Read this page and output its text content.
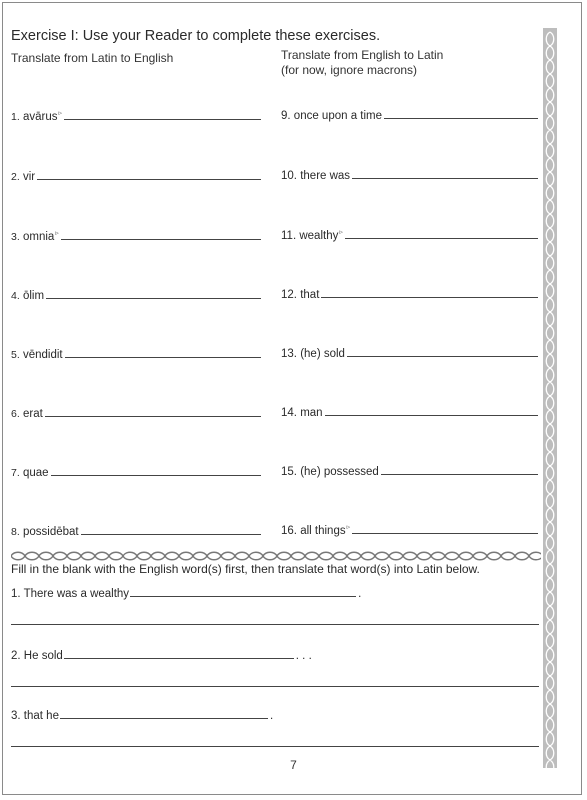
Exercise I: Use your Reader to complete these exercises.
Translate from Latin to English	Translate from English to Latin
(for now, ignore macrons)
1. avārus▹
2. vir
3. omnia▹
4. ōlim
5. vēndidit
6. erat
7. quae
8. possidēbat
9. once upon a time
10. there was
11. wealthy▹
12. that
13. (he) sold
14. man
15. (he) possessed
16. all things▹
Fill in the blank with the English word(s) first, then translate that word(s) into Latin below.
1. There was a wealthy	.
2. He sold	. . .
3. that he	.
7
